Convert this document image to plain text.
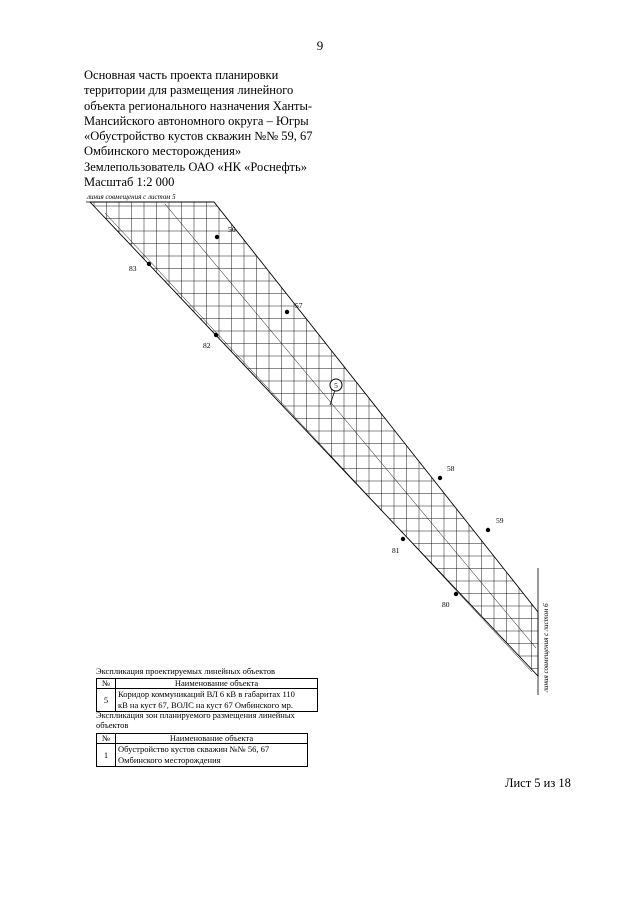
9
Основная часть проекта планировки
территории для размещения линейного
объекта регионального назначения Ханты-
Мансийского автономного округа – Югры
«Обустройство кустов скважин №№ 59, 67
Омбинского месторождения»
Землепользователь ОАО «НК «Роснефть»
Масштаб 1:2 000
линия совмещения с листом 5
линия совмещения с листом 6
5
56
83
57
82
58
59
81
80
Экспликация проектируемых линейных объектов
№	Наименование объекта
5	Коридор коммуникаций ВЛ 6 кВ в габаритах 110
кВ на куст 67, ВОЛС на куст 67 Омбинского мр.
Экспликация зон планируемого размещения линейных
объектов
№	Наименование объекта
1	Обустройство кустов скважин №№ 56, 67
Омбинского месторождения
Лист 5 из 18
